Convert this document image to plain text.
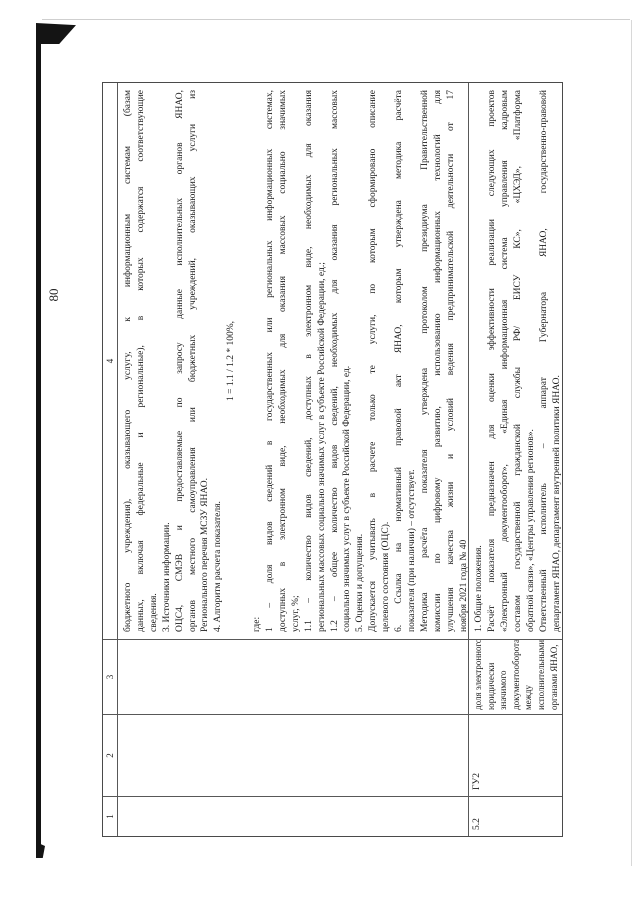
80
1
2
3
4 бюджетного учреждения), оказывающего услугу, к информационным системам (базам данных, включая федеральные и региональные), в которых содержатся соответствующие сведения. 3. Источники информации. ОЦС4, СМЭВ и предоставляемые по запросу данные исполнительных органов ЯНАО, органов местного самоуправления или бюджетных учреждений, оказывающих услуги из Регионального перечня МСЗУ ЯНАО. 4. Алгоритм расчета показателя.
1 = 1.1 / 1.2 * 100%,

где: 1 – доля видов сведений в государственных или региональных информационных системах, доступных в электронном виде, необходимых для оказания массовых социально значимых услуг, %; 1.1 – количество видов сведений, доступных в электронном виде, необходимых для оказания региональных массовых социально значимых услуг в субъекте Российской Федерации, ед.; 1.2 – общее количество видов сведений, необходимых для оказания региональных массовых социально значимых услуг в субъекте Российской Федерации, ед. 5. Оценки и допущения. Допускается учитывать в расчете только те услуги, по которым сформировано описание целевого состояния (ОЦС). 6. Ссылка на нормативный правовой акт ЯНАО, которым утверждена методика расчёта показателя (при наличии) – отсутствует. Методика расчёта показателя утверждена протоколом президиума Правительственной комиссии по цифровому развитию, использованию информационных технологий для улучшения качества жизни и условий ведения предпринимательской деятельности от 17 ноября 2021 года № 40
5.2
ГУ2
доля электронного юридически значимого документооборота между исполнительными органами ЯНАО,
1. Общие положения. Расчёт показателя предназначен для оценки эффективности реализации следующих проектов «Электронный документооборот», «Единая информационная система управления кадровым составом государственной гражданской службы РФ/ ЕИСУ КС», «ЦХЭД», «Платформа обратной связи», «Центры управления регионов». Ответственный исполнитель – аппарат Губернатора ЯНАО, государственно-правовой департамент ЯНАО, департамент внутренней политики ЯНАО.
